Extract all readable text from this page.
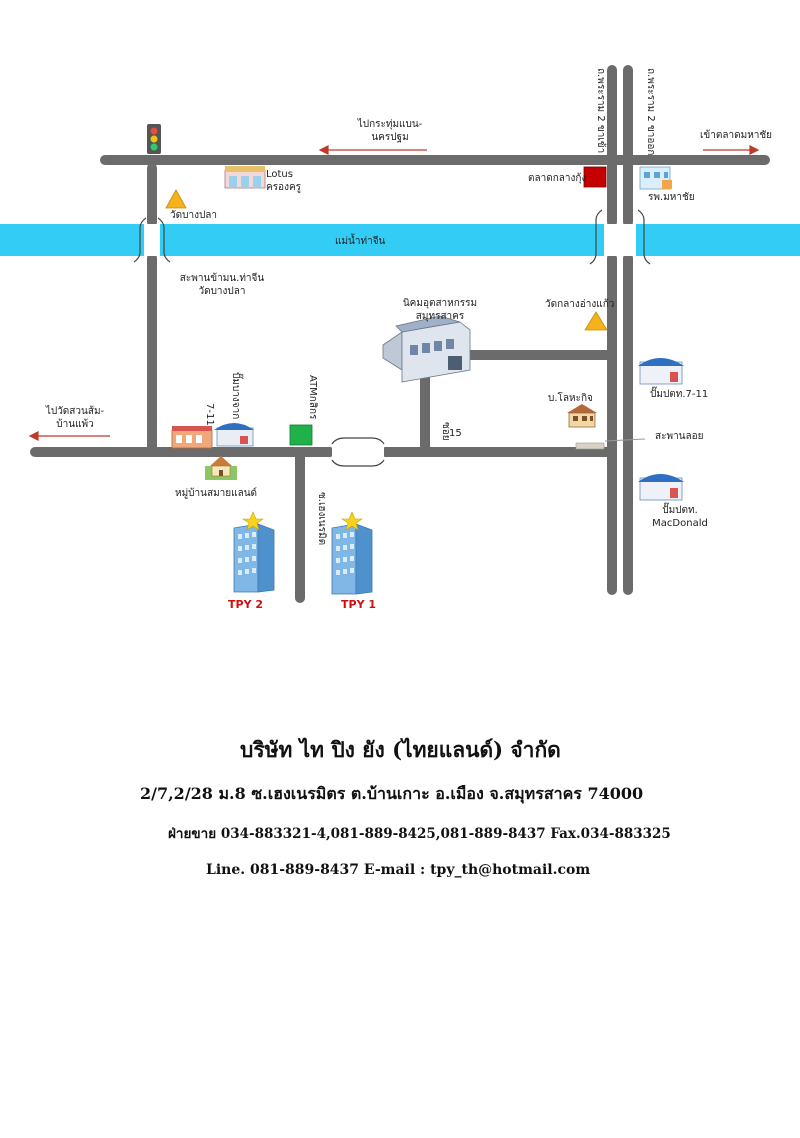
ไปกระทุ่มแบน-
นครปฐม	เข้าตลาดมหาชัย
ถ.พระราม 2 ขาเข้า	ถ.พระราม 2 ขาออก
Lotus
ครองครู
ตลาดกลางกุ้ง
รพ.มหาชัย
วัดบางปลา
แม่น้ำท่าจีน
สะพานข้ามน.ท่าจีน
วัดบางปลา
วัดกลางอ่างแก้ว
นิคมอุตสาหกรรม
สมุทรสาคร
ปั๊มปตท.7-11
บ.โลหะกิจ
สะพานลอย
7-11 ปั๊มบางจาก	ATMกสิกร
ซอย
15
ไปวัดสวนส้ม-
บ้านแพ้ว
หมู่บ้านสมายแลนด์	ซ.เฮงเนรมิต	ปั๊มปตท.
MacDonald
TPY 2	TPY 1
บริษัท ไท ปิง ยัง (ไทยแลนด์) จำกัด
2/7,2/28 ม.8 ซ.เฮงเนรมิตร ต.บ้านเกาะ อ.เมือง จ.สมุทรสาคร 74000
ฝ่ายขาย 034-883321-4,081-889-8425,081-889-8437 Fax.034-883325
Line. 081-889-8437 E-mail : tpy_th@hotmail.com
